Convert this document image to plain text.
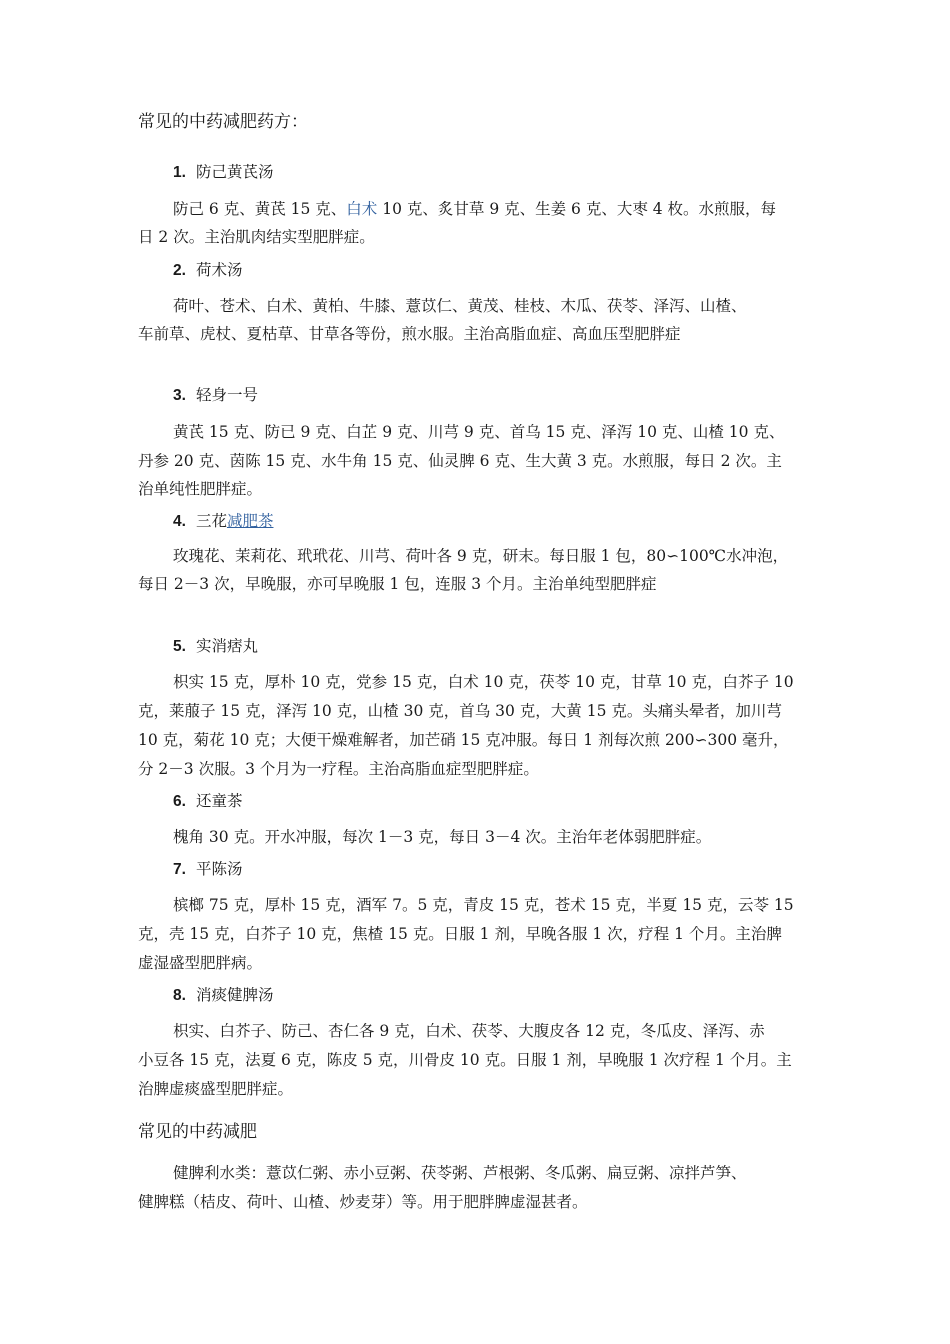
常见的中药减肥药方：
1. 防己黄芪汤
防己 6 克、黄芪 15 克、白术 10 克、炙甘草 9 克、生姜 6 克、大枣 4 枚。水煎服，每
日 2 次。主治肌肉结实型肥胖症。
2. 荷术汤
荷叶、苍术、白术、黄柏、牛膝、薏苡仁、黄茂、桂枝、木瓜、茯苓、泽泻、山楂、
车前草、虎杖、夏枯草、甘草各等份，煎水服。主治高脂血症、高血压型肥胖症
3. 轻身一号
黄芪 15 克、防已 9 克、白芷 9 克、川芎 9 克、首乌 15 克、泽泻 10 克、山楂 10 克、
丹参 20 克、茵陈 15 克、水牛角 15 克、仙灵脾 6 克、生大黄 3 克。水煎服，每日 2 次。主
治单纯性肥胖症。
4. 三花减肥茶
玫瑰花、茉莉花、玳玳花、川芎、荷叶各 9 克，研末。每日服 1 包，80∽100℃水冲泡，
每日 2－3 次，早晚服，亦可早晚服 1 包，连服 3 个月。主治单纯型肥胖症
5. 实消痞丸
枳实 15 克，厚朴 10 克，党参 15 克，白术 10 克，茯苓 10 克，甘草 10 克，白芥子 10
克，莱菔子 15 克，泽泻 10 克，山楂 30 克，首乌 30 克，大黄 15 克。头痛头晕者，加川芎
10 克，菊花 10 克；大便干燥难解者，加芒硝 15 克冲服。每日 1 剂每次煎 200∽300 毫升，
分 2－3 次服。3 个月为一疗程。主治高脂血症型肥胖症。
6. 还童茶
槐角 30 克。开水冲服，每次 1－3 克，每日 3－4 次。主治年老体弱肥胖症。
7. 平陈汤
槟榔 75 克，厚朴 15 克，酒军 7。5 克，青皮 15 克，苍术 15 克，半夏 15 克，云苓 15
克，壳 15 克，白芥子 10 克，焦楂 15 克。日服 1 剂，早晚各服 1 次，疗程 1 个月。主治脾
虚湿盛型肥胖病。
8. 消痰健脾汤
枳实、白芥子、防己、杏仁各 9 克，白术、茯苓、大腹皮各 12 克，冬瓜皮、泽泻、赤
小豆各 15 克，法夏 6 克，陈皮 5 克，川骨皮 10 克。日服 1 剂，早晚服 1 次疗程 1 个月。主
治脾虚痰盛型肥胖症。
常见的中药减肥
健脾利水类：薏苡仁粥、赤小豆粥、茯苓粥、芦根粥、冬瓜粥、扁豆粥、凉拌芦笋、
健脾糕（桔皮、荷叶、山楂、炒麦芽）等。用于肥胖脾虚湿甚者。
